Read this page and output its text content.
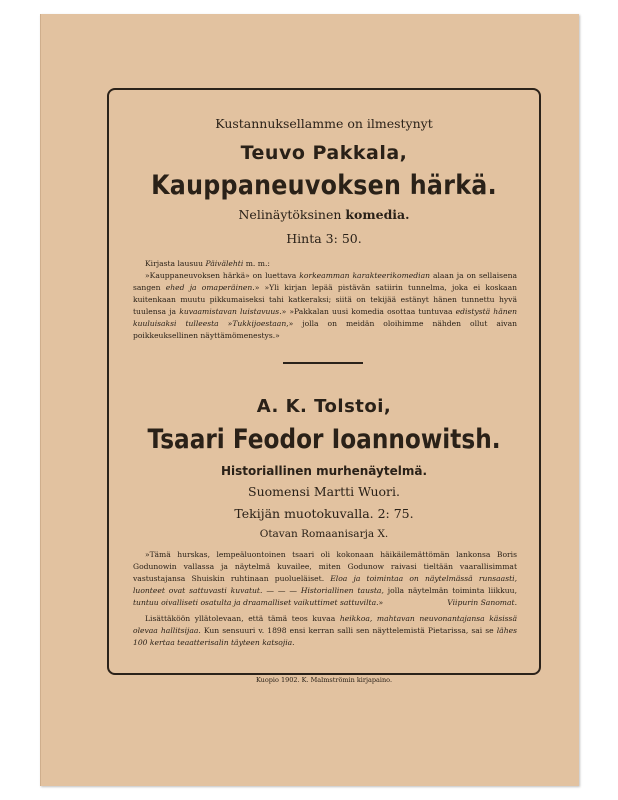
Kustannuksellamme on ilmestynyt
Teuvo Pakkala,
Kauppaneuvoksen härkä.
Nelinäytöksinen komedia.
Hinta 3: 50.

Kirjasta lausuu Päivälehti m. m.:

»Kauppaneuvoksen härkä» on luettava korkeamman karakteerikomedian alaan ja on sellaisena sangen ehed ja omaperäinen.» »Yli kirjan lepää pistävän satiirin tunnelma, joka ei koskaan kuitenkaan muutu pikkumaiseksi tahi katkeraksi; siitä on tekijää estänyt hänen tunnettu hyvä tuulensa ja kuvaamistavan luistavuus.» »Pakkalan uusi komedia osottaa tuntuvaa edistystä hänen kuuluisaksi tulleesta »Tukkijoestaan,» jolla on meidän oloihimme nähden ollut aivan poikkeuksellinen näyttämömenestys.»

A. K. Tolstoi,
Tsaari Feodor Ioannowitsh.
Historiallinen murhenäytelmä.
Suomensi Martti Wuori.
Tekijän muotokuvalla. 2: 75.
Otavan Romaanisarja X.

»Tämä hurskas, lempeäluontoinen tsaari oli kokonaan häikäilemättömän lankonsa Boris Godunowin vallassa ja näytelmä kuvailee, miten Godunow raivasi tieltään vaarallisimmat vastustajansa Shuiskin ruhtinaan puolueläiset. Eloa ja toimintaa on näytelmässä runsaasti, luonteet ovat sattuvasti kuvatut. — — — Historiallinen tausta, jolla näytelmän toiminta liikkuu, tuntuu oivalliseti osatulta ja draamalliset vaikuttimet sattuvilta.»	Viipurin Sanomat.

Lisättäköön yllätolevaan, että tämä teos kuvaa heikkoa, mahtavan neuvonantajansa käsissä olevaa hallitsijaa. Kun sensuuri v. 1898 ensi kerran salli sen näyttelemistä Pietarissa, sai se lähes 100 kertaa teaatterisalin täyteen katsojia.

Kuopio 1902. K. Malmströmin kirjapaino.
